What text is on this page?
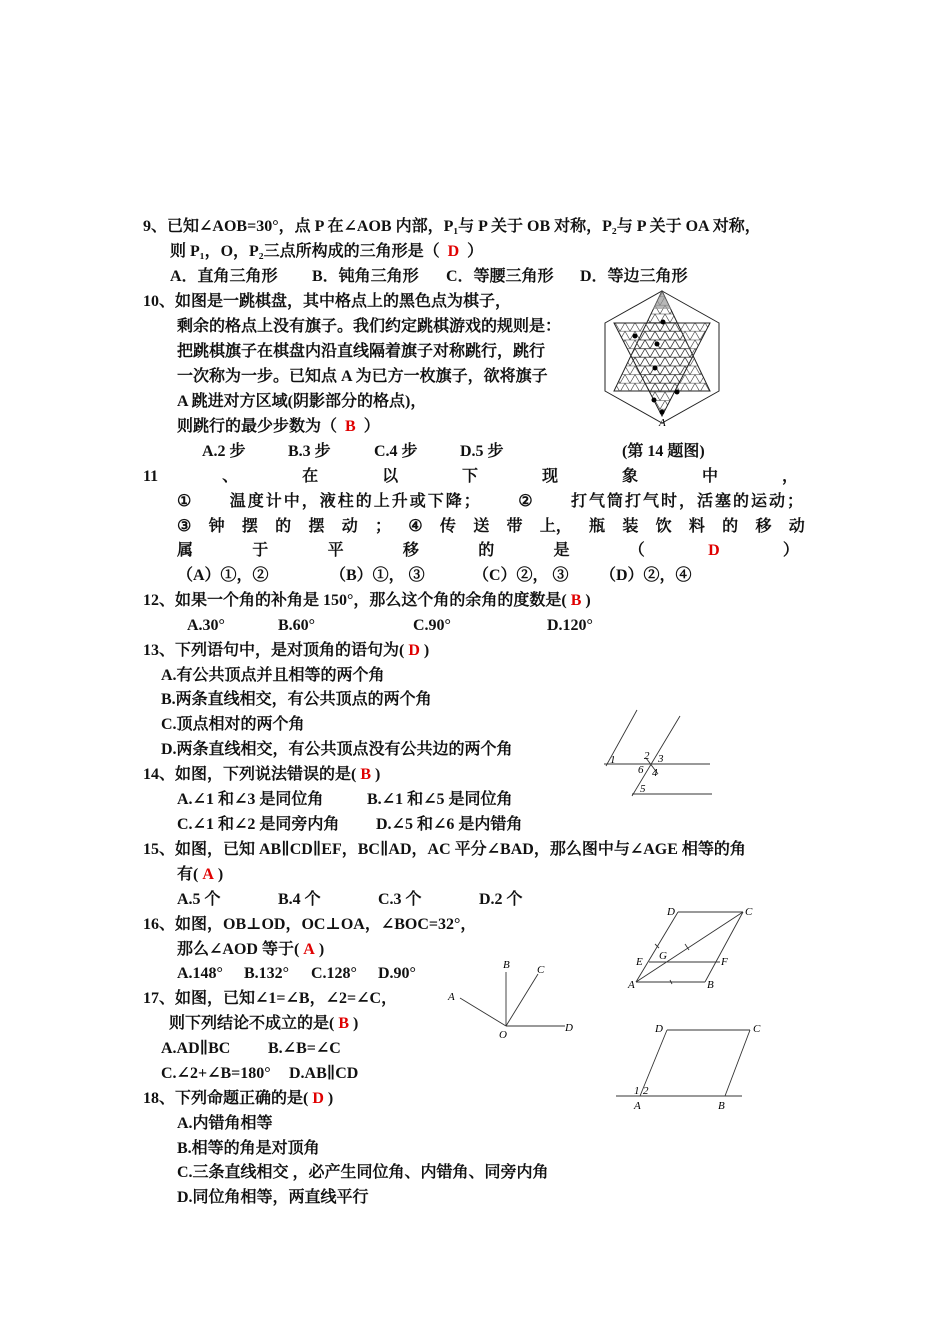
9、已知∠AOB=30°，点 P 在∠AOB 内部，P₁与 P 关于 OB 对称，P₂与 P 关于 OA 对称，
则 P₁，O，P₂三点所构成的三角形是（ D ）
A．直角三角形 B．钝角三角形 C．等腰三角形 D．等边三角形
10、如图是一跳棋盘，其中格点上的黑色点为棋子，
剩余的格点上没有旗子。我们约定跳棋游戏的规则是：
把跳棋旗子在棋盘内沿直线隔着旗子对称跳行，跳行
一次称为一步。已知点 A 为已方一枚旗子，欲将旗子
A 跳进对方区域(阴影部分的格点)，
则跳行的最少步数为（ B ）
A.2 步	B.3 步	C.4 步	D.5 步	(第 14 题图)
A
11	、	在	以	下	现	象	中	，
① 温度计中，液柱的上升或下降； ② 打气筒打气时，活塞的运动；
③ 钟 摆 的 摆 动 ； ④ 传 送 带 上， 瓶 装 饮 料 的 移 动
属	于	平	移	的	是	（	D	）
（A）①，②	（B）①， ③	（C）②， ③ （D）②，④
12、如果一个角的补角是 150°，那么这个角的余角的度数是( B )
A.30°	B.60°	C.90°	D.120°
13、下列语句中，是对顶角的语句为( D )
A.有公共顶点并且相等的两个角
B.两条直线相交，有公共顶点的两个角
C.顶点相对的两个角
D.两条直线相交，有公共顶点没有公共边的两个角
1	2 3
6 4
5
14、如图，下列说法错误的是( B )
A.∠1 和∠3 是同位角	B.∠1 和∠5 是同位角
C.∠1 和∠2 是同旁内角 D.∠5 和∠6 是内错角
15、如图，已知 AB∥CD∥EF，BC∥AD，AC 平分∠BAD，那么图中与∠AGE 相等的角
有( A )
A.5 个	B.4 个	C.3 个	D.2 个
D	C
E G	F
A	B
16、如图，OB⊥OD，OC⊥OA，∠BOC=32°，
那么∠AOD 等于( A )
A.148° B.132° C.128° D.90°	B C
A
O
D
17、如图，已知∠1=∠B，∠2=∠C，
则下列结论不成立的是( B )
A.AD∥BC B.∠B=∠C
C.∠2+∠B=180° D.AB∥CD
D	C
1 2
A	B
18、下列命题正确的是( D )
A.内错角相等
B.相等的角是对顶角
C.三条直线相交 ，必产生同位角、内错角、同旁内角
D.同位角相等，两直线平行
